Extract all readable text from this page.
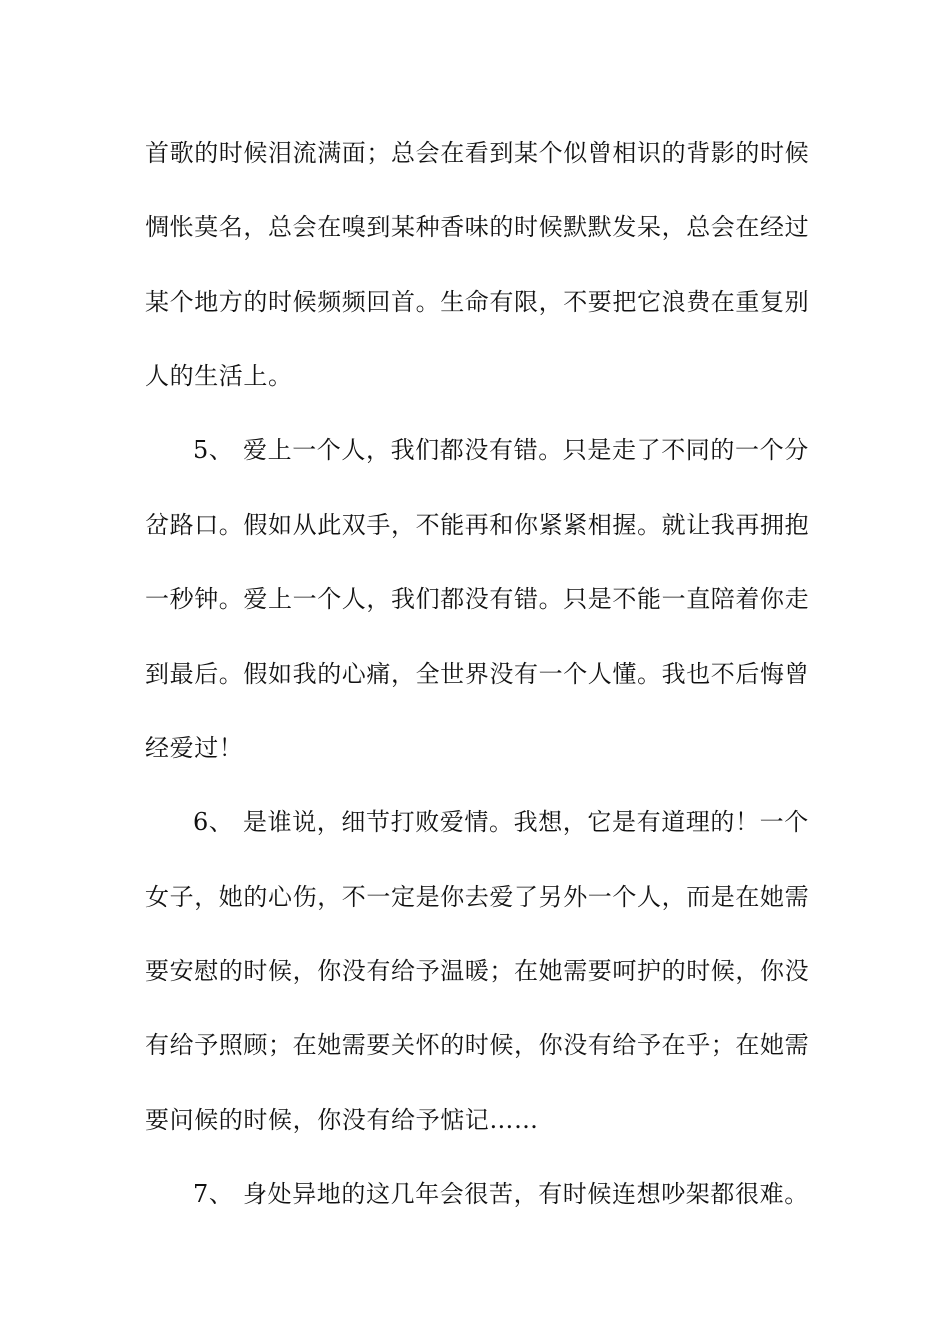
首歌的时候泪流满面；总会在看到某个似曾相识的背影的时候
惆怅莫名，总会在嗅到某种香味的时候默默发呆，总会在经过
某个地方的时候频频回首。生命有限，不要把它浪费在重复别
人的生活上。
5、 爱上一个人，我们都没有错。只是走了不同的一个分
岔路口。假如从此双手，不能再和你紧紧相握。就让我再拥抱
一秒钟。爱上一个人，我们都没有错。只是不能一直陪着你走
到最后。假如我的心痛，全世界没有一个人懂。我也不后悔曾
经爱过！
6、 是谁说，细节打败爱情。我想，它是有道理的！一个
女子，她的心伤，不一定是你去爱了另外一个人，而是在她需
要安慰的时候，你没有给予温暖；在她需要呵护的时候，你没
有给予照顾；在她需要关怀的时候，你没有给予在乎；在她需
要问候的时候，你没有给予惦记……
7、 身处异地的这几年会很苦，有时候连想吵架都很难。
